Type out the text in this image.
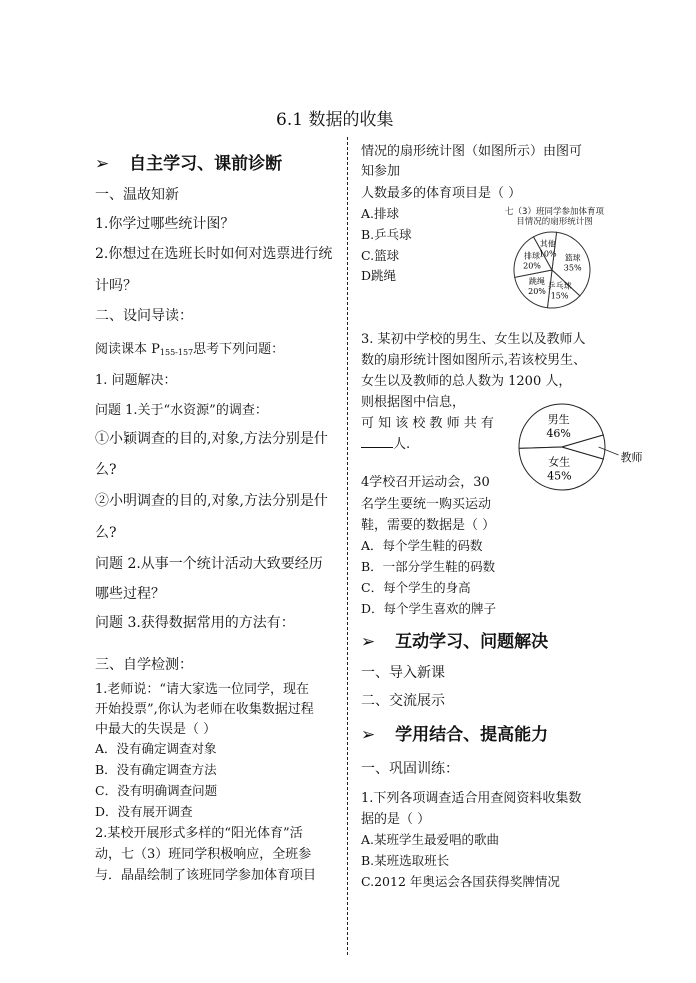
6.1 数据的收集
➢ 自主学习、课前诊断
一、温故知新
1.你学过哪些统计图？
2.你想过在选班长时如何对选票进行统
计吗？
二、设问导读：
阅读课本 $P_{155-157}$思考下列问题：
1. 问题解决：
问题 1.关于“水资源”的调查：
①小颖调查的目的,对象,方法分别是什
么?
②小明调查的目的,对象,方法分别是什
么?
问题 2.从事一个统计活动大致要经历
哪些过程？
问题 3.获得数据常用的方法有：
三、自学检测：
1.老师说：“请大家选一位同学，现在
开始投票”,你认为老师在收集数据过程
中最大的失误是（ ）
A．没有确定调查对象
B．没有确定调查方法
C．没有明确调查问题
D．没有展开调查
2.某校开展形式多样的“阳光体育”活
动，七（3）班同学积极响应，全班参
与．晶晶绘制了该班同学参加体育项目
情况的扇形统计图（如图所示）由图可
知参加
人数最多的体育项目是（ ）
A.排球
B.乒乓球
C.篮球
D跳绳
七（3）班同学参加体育项
目情况的扇形统计图
篮球
35%
乒乓球
15%
跳绳
20%
排球
20%
其他
10%
3. 某初中学校的男生、女生以及教师人
数的扇形统计图如图所示,若该校男生、
女生以及教师的总人数为 1200 人，
则根据图中信息，
可 知 该 校 教 师 共 有
人.
男生
46%
女生
45%
教师
4学校召开运动会，30
名学生要统一购买运动
鞋，需要的数据是（ ）
A．每个学生鞋的码数
B．一部分学生鞋的码数
C．每个学生的身高
D．每个学生喜欢的牌子
➢ 互动学习、问题解决
一、导入新课
二、交流展示
➢ 学用结合、提高能力
一、巩固训练：
1.下列各项调查适合用查阅资料收集数
据的是（ ）
A.某班学生最爱唱的歌曲
B.某班选取班长
C.2012 年奥运会各国获得奖牌情况
